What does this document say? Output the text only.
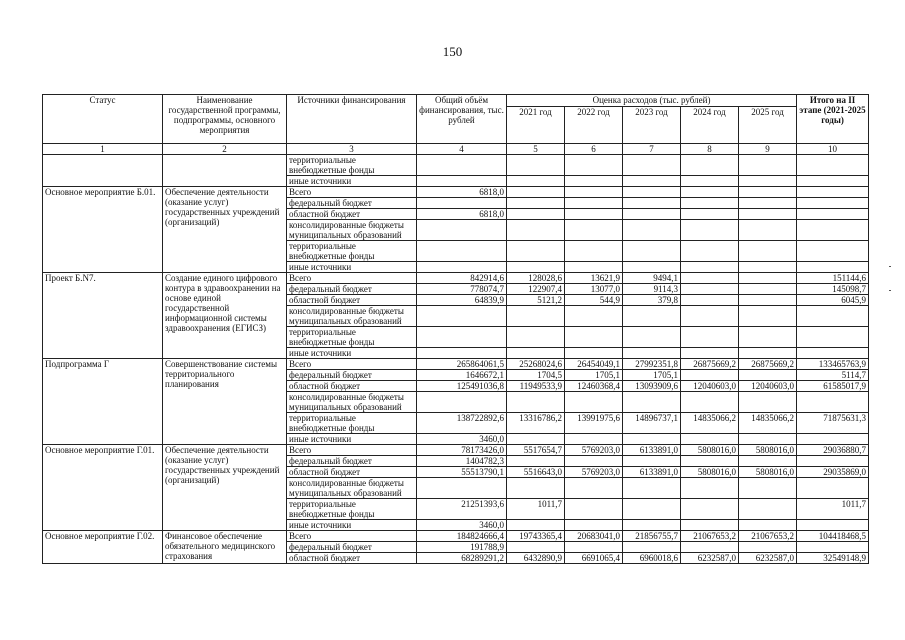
150
Статус	Наименование государственной программы, подпрограммы, основного мероприятия	Источники финансирования	Общий объём финансирования, тыс. рублей	Оценка расходов (тыс. рублей)					Итого на II этапе (2021-2025 годы)
				2021 год	2022 год	2023 год	2024 год	2025 год	
1	2	3	4	5	6	7	8	9	10
		территориальные внебюджетные фонды							
		иные источники							
Основное мероприятие Б.01.	Обеспечение деятельности (оказание услуг) государственных учреждений (организаций)	Всего	6818,0						
		федеральный бюджет							
		областной бюджет	6818,0						
		консолидированные бюджеты муниципальных образований							
		территориальные внебюджетные фонды							
		иные источники							
Проект Б.N7.	Создание единого цифрового контура в здравоохранении на основе единой государственной информационной системы здравоохранения (ЕГИСЗ)	Всего	842914,6	128028,6	13621,9	9494,1			151144,6
		федеральный бюджет	778074,7	122907,4	13077,0	9114,3			145098,7
		областной бюджет	64839,9	5121,2	544,9	379,8			6045,9
		консолидированные бюджеты муниципальных образований							
		территориальные внебюджетные фонды							
		иные источники							
Подпрограмма Г	Совершенствование системы территориального планирования	Всего	265864061,5	25268024,6	26454049,1	27992351,8	26875669,2	26875669,2	133465763,9
		федеральный бюджет	1646672,1	1704,5	1705,1	1705,1			5114,7
		областной бюджет	125491036,8	11949533,9	12460368,4	13093909,6	12040603,0	12040603,0	61585017,9
		консолидированные бюджеты муниципальных образований							
		территориальные внебюджетные фонды	138722892,6	13316786,2	13991975,6	14896737,1	14835066,2	14835066,2	71875631,3
		иные источники	3460,0						
Основное мероприятие Г.01.	Обеспечение деятельности (оказание услуг) государственных учреждений (организаций)	Всего	78173426,0	5517654,7	5769203,0	6133891,0	5808016,0	5808016,0	29036880,7
		федеральный бюджет	1404782,3						
		областной бюджет	55513790,1	5516643,0	5769203,0	6133891,0	5808016,0	5808016,0	29035869,0
		консолидированные бюджеты муниципальных образований							
		территориальные внебюджетные фонды	21251393,6	1011,7					1011,7
		иные источники	3460,0						
Основное мероприятие Г.02.	Финансовое обеспечение обязательного медицинского страхования	Всего	184824666,4	19743365,4	20683041,0	21856755,7	21067653,2	21067653,2	104418468,5
		федеральный бюджет	191788,9						
		областной бюджет	68289291,2	6432890,9	6691065,4	6960018,6	6232587,0	6232587,0	32549148,9
